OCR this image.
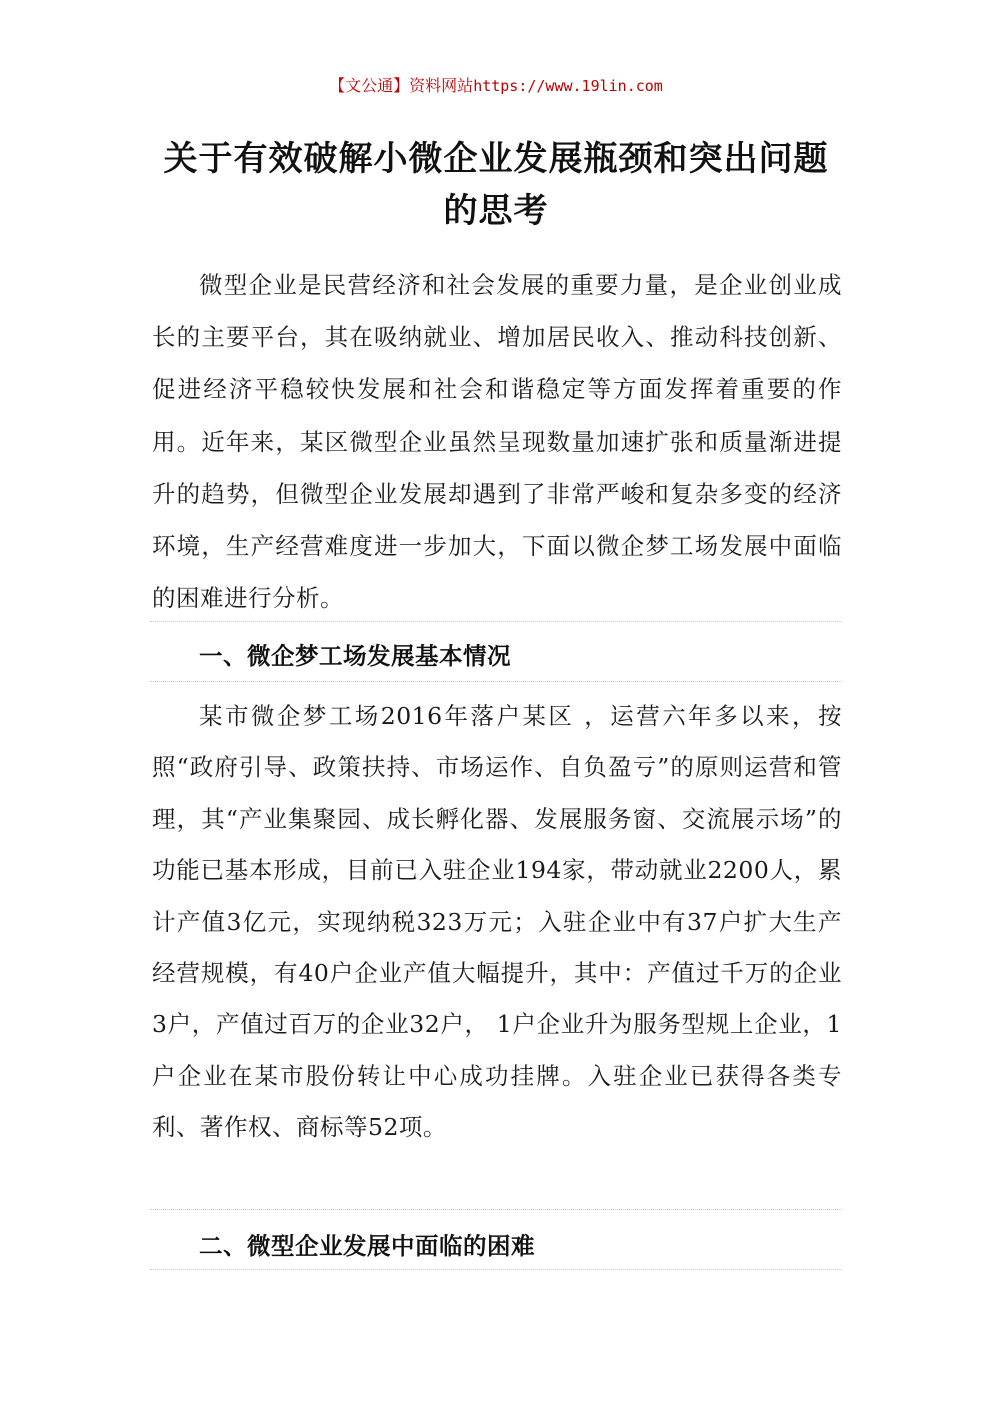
【文公通】资料网站https://www.19lin.com
关于有效破解小微企业发展瓶颈和突出问题的思考

微型企业是民营经济和社会发展的重要力量，是企业创业成长的主要平台，其在吸纳就业、增加居民收入、推动科技创新、促进经济平稳较快发展和社会和谐稳定等方面发挥着重要的作用。近年来，某区微型企业虽然呈现数量加速扩张和质量渐进提升的趋势，但微型企业发展却遇到了非常严峻和复杂多变的经济环境，生产经营难度进一步加大，下面以微企梦工场发展中面临的困难进行分析。

一、微企梦工场发展基本情况

某市微企梦工场2016年落户某区 ，运营六年多以来，按照“政府引导、政策扶持、市场运作、自负盈亏”的原则运营和管理，其“产业集聚园、成长孵化器、发展服务窗、交流展示场”的功能已基本形成，目前已入驻企业194家，带动就业2200人，累计产值3亿元，实现纳税323万元；入驻企业中有37户扩大生产经营规模，有40户企业产值大幅提升，其中：产值过千万的企业3户，产值过百万的企业32户， 1户企业升为服务型规上企业，1户企业在某市股份转让中心成功挂牌。入驻企业已获得各类专利、著作权、商标等52项。

二、微型企业发展中面临的困难
